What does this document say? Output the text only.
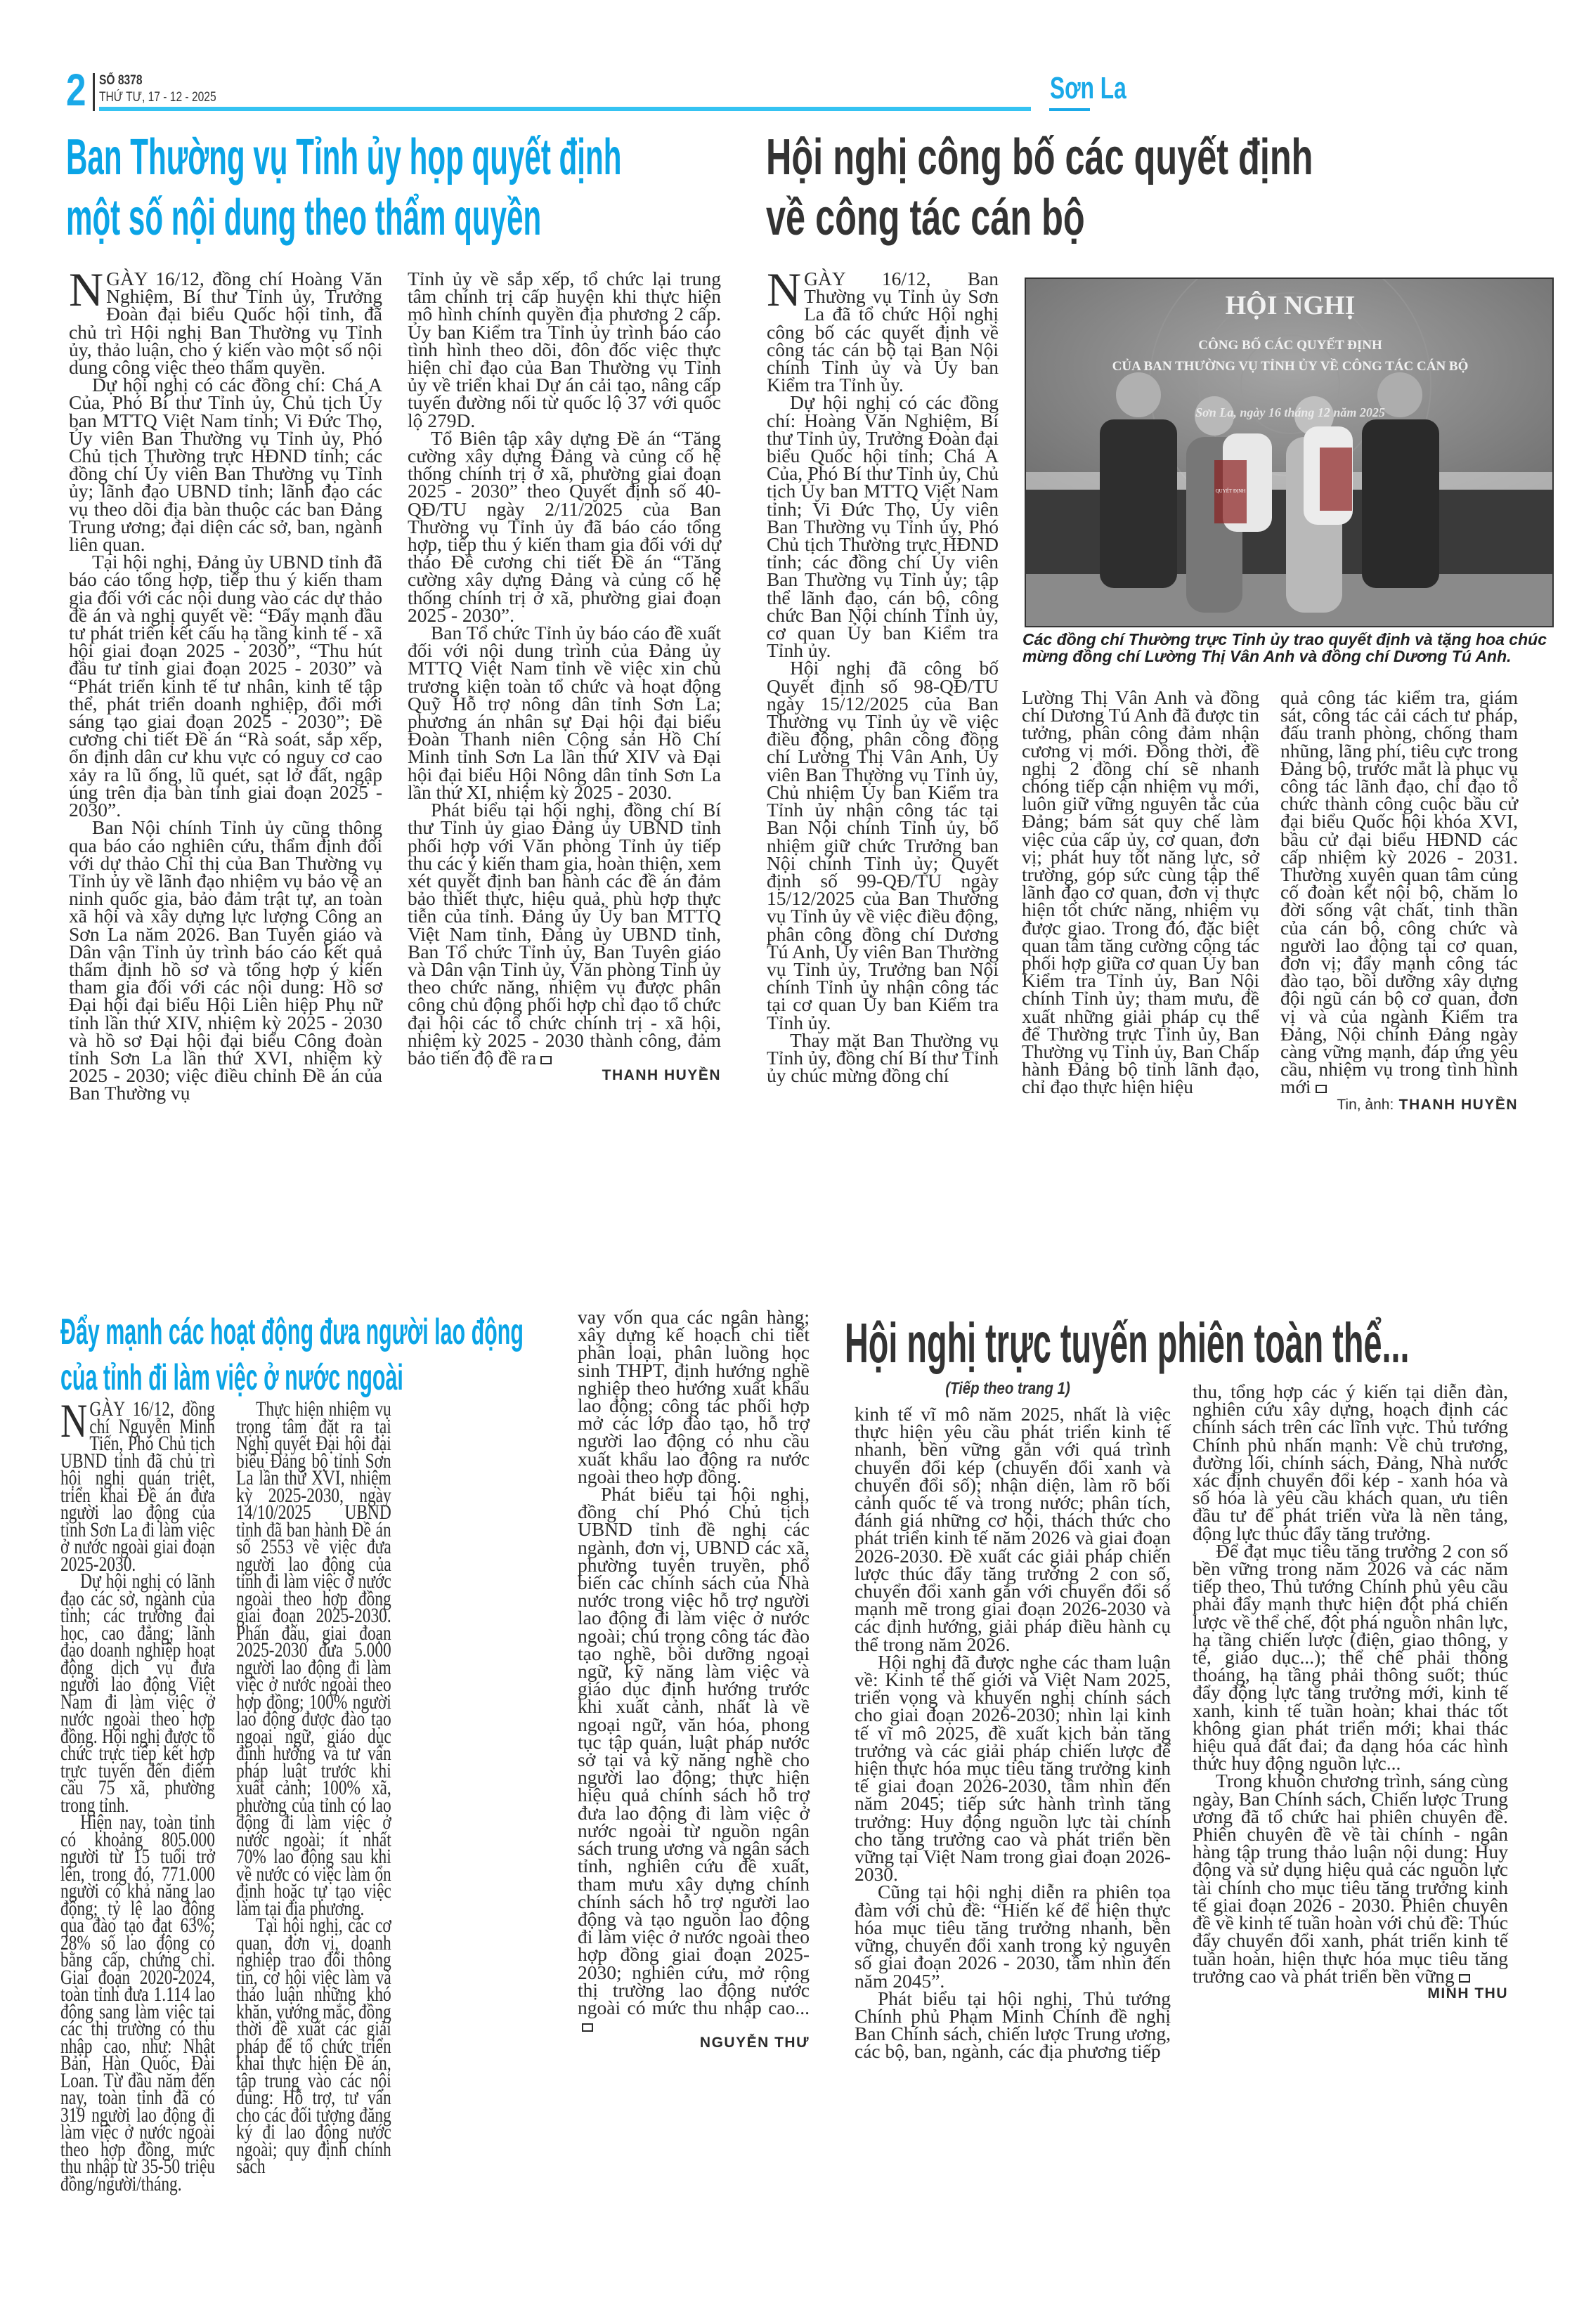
2 SỐ 8378
THỨ TƯ, 17 - 12 - 2025	Sơn La
Ban Thường vụ Tỉnh ủy họp quyết định
một số nội dung theo thẩm quyền

NGÀY 16/12, đồng chí Hoàng Văn Nghiệm, Bí thư Tỉnh ủy, Trưởng Đoàn đại biểu Quốc hội tỉnh, đã chủ trì Hội nghị Ban Thường vụ Tỉnh ủy, thảo luận, cho ý kiến vào một số nội dung công việc theo thẩm quyền.

Dự hội nghị có các đồng chí: Chá A Của, Phó Bí thư Tỉnh ủy, Chủ tịch Ủy ban MTTQ Việt Nam tỉnh; Vi Đức Thọ, Ủy viên Ban Thường vụ Tỉnh ủy, Phó Chủ tịch Thường trực HĐND tỉnh; các đồng chí Ủy viên Ban Thường vụ Tỉnh ủy; lãnh đạo UBND tỉnh; lãnh đạo các vụ theo dõi địa bàn thuộc các ban Đảng Trung ương; đại diện các sở, ban, ngành liên quan.

Tại hội nghị, Đảng ủy UBND tỉnh đã báo cáo tổng hợp, tiếp thu ý kiến tham gia đối với các nội dung vào các dự thảo đề án và nghị quyết về: “Đẩy mạnh đầu tư phát triển kết cấu hạ tầng kinh tế - xã hội giai đoạn 2025 - 2030”, “Thu hút đầu tư tỉnh giai đoạn 2025 - 2030” và “Phát triển kinh tế tư nhân, kinh tế tập thể, phát triển doanh nghiệp, đổi mới sáng tạo giai đoạn 2025 - 2030”; Đề cương chi tiết Đề án “Rà soát, sắp xếp, ổn định dân cư khu vực có nguy cơ cao xảy ra lũ ống, lũ quét, sạt lở đất, ngập úng trên địa bàn tỉnh giai đoạn 2025 - 2030”.

Ban Nội chính Tỉnh ủy cũng thông qua báo cáo nghiên cứu, thẩm định đối với dự thảo Chỉ thị của Ban Thường vụ Tỉnh ủy về lãnh đạo nhiệm vụ bảo vệ an ninh quốc gia, bảo đảm trật tự, an toàn xã hội và xây dựng lực lượng Công an Sơn La năm 2026. Ban Tuyên giáo và Dân vận Tỉnh ủy trình báo cáo kết quả thẩm định hồ sơ và tổng hợp ý kiến tham gia đối với các nội dung: Hồ sơ Đại hội đại biểu Hội Liên hiệp Phụ nữ tỉnh lần thứ XIV, nhiệm kỳ 2025 - 2030 và hồ sơ Đại hội đại biểu Công đoàn tỉnh Sơn La lần thứ XVI, nhiệm kỳ 2025 - 2030; việc điều chỉnh Đề án của Ban Thường vụ

Tỉnh ủy về sắp xếp, tổ chức lại trung tâm chính trị cấp huyện khi thực hiện mô hình chính quyền địa phương 2 cấp. Ủy ban Kiểm tra Tỉnh ủy trình báo cáo tình hình theo dõi, đôn đốc việc thực hiện chỉ đạo của Ban Thường vụ Tỉnh ủy về triển khai Dự án cải tạo, nâng cấp tuyến đường nối từ quốc lộ 37 với quốc lộ 279D.

Tổ Biên tập xây dựng Đề án “Tăng cường xây dựng Đảng và củng cố hệ thống chính trị ở xã, phường giai đoạn 2025 - 2030” theo Quyết định số 40-QĐ/TU ngày 2/11/2025 của Ban Thường vụ Tỉnh ủy đã báo cáo tổng hợp, tiếp thu ý kiến tham gia đối với dự thảo Đề cương chi tiết Đề án “Tăng cường xây dựng Đảng và củng cố hệ thống chính trị ở xã, phường giai đoạn 2025 - 2030”.

Ban Tổ chức Tỉnh ủy báo cáo đề xuất đối với nội dung trình của Đảng ủy MTTQ Việt Nam tỉnh về việc xin chủ trương kiện toàn tổ chức và hoạt động Quỹ Hỗ trợ nông dân tỉnh Sơn La; phương án nhân sự Đại hội đại biểu Đoàn Thanh niên Cộng sản Hồ Chí Minh tỉnh Sơn La lần thứ XIV và Đại hội đại biểu Hội Nông dân tỉnh Sơn La lần thứ XI, nhiệm kỳ 2025 - 2030.

Phát biểu tại hội nghị, đồng chí Bí thư Tỉnh ủy giao Đảng ủy UBND tỉnh phối hợp với Văn phòng Tỉnh ủy tiếp thu các ý kiến tham gia, hoàn thiện, xem xét quyết định ban hành các đề án đảm bảo thiết thực, hiệu quả, phù hợp thực tiễn của tỉnh. Đảng ủy Ủy ban MTTQ Việt Nam tỉnh, Đảng ủy UBND tỉnh, Ban Tổ chức Tỉnh ủy, Ban Tuyên giáo và Dân vận Tỉnh ủy, Văn phòng Tỉnh ủy theo chức năng, nhiệm vụ được phân công chủ động phối hợp chỉ đạo tổ chức đại hội các tổ chức chính trị - xã hội, nhiệm kỳ 2025 - 2030 thành công, đảm bảo tiến độ đề ra

THANH HUYỀN

Hội nghị công bố các quyết định
về công tác cán bộ

NGÀY 16/12, Ban Thường vụ Tỉnh ủy Sơn La đã tổ chức Hội nghị công bố các quyết định về công tác cán bộ tại Ban Nội chính Tỉnh ủy và Ủy ban Kiểm tra Tỉnh ủy.

Dự hội nghị có các đồng chí: Hoàng Văn Nghiệm, Bí thư Tỉnh ủy, Trưởng Đoàn đại biểu Quốc hội tỉnh; Chá A Của, Phó Bí thư Tỉnh ủy, Chủ tịch Ủy ban MTTQ Việt Nam tỉnh; Vi Đức Thọ, Ủy viên Ban Thường vụ Tỉnh ủy, Phó Chủ tịch Thường trực HĐND tỉnh; các đồng chí Ủy viên Ban Thường vụ Tỉnh ủy; tập thể lãnh đạo, cán bộ, công chức Ban Nội chính Tỉnh ủy, cơ quan Ủy ban Kiểm tra Tỉnh ủy.

Hội nghị đã công bố Quyết định số 98-QĐ/TU ngày 15/12/2025 của Ban Thường vụ Tỉnh ủy về việc điều động, phân công đồng chí Lường Thị Vân Anh, Ủy viên Ban Thường vụ Tỉnh ủy, Chủ nhiệm Ủy ban Kiểm tra Tỉnh ủy nhận công tác tại Ban Nội chính Tỉnh ủy, bổ nhiệm giữ chức Trưởng ban Nội chính Tỉnh ủy; Quyết định số 99-QĐ/TU ngày 15/12/2025 của Ban Thường vụ Tỉnh ủy về việc điều động, phân công đồng chí Dương Tú Anh, Ủy viên Ban Thường vụ Tỉnh ủy, Trưởng ban Nội chính Tỉnh ủy nhận công tác tại cơ quan Ủy ban Kiểm tra Tỉnh ủy.

Thay mặt Ban Thường vụ Tỉnh ủy, đồng chí Bí thư Tỉnh ủy chúc mừng đồng chí

HỘI NGHỊ
CÔNG BỐ CÁC QUYẾT ĐỊNH
CỦA BAN THƯỜNG VỤ TỈNH ỦY VỀ CÔNG TÁC CÁN BỘ
Sơn La, ngày 16 tháng 12 năm 2025
QUYẾT ĐỊNH
Các đồng chí Thường trực Tỉnh ủy trao quyết định và tặng hoa chúc mừng đồng chí Lường Thị Vân Anh và đồng chí Dương Tú Anh.

Lường Thị Vân Anh và đồng chí Dương Tú Anh đã được tin tưởng, phân công đảm nhận cương vị mới. Đồng thời, đề nghị 2 đồng chí sẽ nhanh chóng tiếp cận nhiệm vụ mới, luôn giữ vững nguyên tắc của Đảng; bám sát quy chế làm việc của cấp ủy, cơ quan, đơn vị; phát huy tốt năng lực, sở trường, góp sức cùng tập thể lãnh đạo cơ quan, đơn vị thực hiện tốt chức năng, nhiệm vụ được giao. Trong đó, đặc biệt quan tâm tăng cường công tác phối hợp giữa cơ quan Ủy ban Kiểm tra Tỉnh ủy, Ban Nội chính Tỉnh ủy; tham mưu, đề xuất những giải pháp cụ thể để Thường trực Tỉnh ủy, Ban Thường vụ Tỉnh ủy, Ban Chấp hành Đảng bộ tỉnh lãnh đạo, chỉ đạo thực hiện hiệu

quả công tác kiểm tra, giám sát, công tác cải cách tư pháp, đấu tranh phòng, chống tham nhũng, lãng phí, tiêu cực trong Đảng bộ, trước mắt là phục vụ công tác lãnh đạo, chỉ đạo tổ chức thành công cuộc bầu cử đại biểu Quốc hội khóa XVI, bầu cử đại biểu HĐND các cấp nhiệm kỳ 2026 - 2031. Thường xuyên quan tâm củng cố đoàn kết nội bộ, chăm lo đời sống vật chất, tinh thần của cán bộ, công chức và người lao động tại cơ quan, đơn vị; đẩy mạnh công tác đào tạo, bồi dưỡng xây dựng đội ngũ cán bộ cơ quan, đơn vị và của ngành Kiểm tra Đảng, Nội chính Đảng ngày càng vững mạnh, đáp ứng yêu cầu, nhiệm vụ trong tình hình mới

Tin, ảnh: THANH HUYỀN

Đẩy mạnh các hoạt động đưa người lao động
của tỉnh đi làm việc ở nước ngoài

NGÀY 16/12, đồng chí Nguyễn Minh Tiến, Phó Chủ tịch UBND tỉnh đã chủ trì hội nghị quán triệt, triển khai Đề án đưa người lao động của tỉnh Sơn La đi làm việc ở nước ngoài giai đoạn 2025-2030.

Dự hội nghị có lãnh đạo các sở, ngành của tỉnh; các trường đại học, cao đẳng; lãnh đạo doanh nghiệp hoạt động dịch vụ đưa người lao động Việt Nam đi làm việc ở nước ngoài theo hợp đồng. Hội nghị được tổ chức trực tiếp kết hợp trực tuyến đến điểm cầu 75 xã, phường trong tỉnh.

Hiện nay, toàn tỉnh có khoảng 805.000 người từ 15 tuổi trở lên, trong đó, 771.000 người có khả năng lao động; tỷ lệ lao động qua đào tạo đạt 63%; 28% số lao động có bằng cấp, chứng chỉ. Giai đoạn 2020-2024, toàn tỉnh đưa 1.114 lao động sang làm việc tại các thị trường có thu nhập cao, như: Nhật Bản, Hàn Quốc, Đài Loan. Từ đầu năm đến nay, toàn tỉnh đã có 319 người lao động đi làm việc ở nước ngoài theo hợp đồng, mức thu nhập từ 35-50 triệu đồng/người/tháng.

Thực hiện nhiệm vụ trọng tâm đặt ra tại Nghị quyết Đại hội đại biểu Đảng bộ tỉnh Sơn La lần thứ XVI, nhiệm kỳ 2025-2030, ngày 14/10/2025 UBND tỉnh đã ban hành Đề án số 2553 về việc đưa người lao động của tỉnh đi làm việc ở nước ngoài theo hợp đồng giai đoạn 2025-2030. Phấn đấu, giai đoạn 2025-2030 đưa 5.000 người lao động đi làm việc ở nước ngoài theo hợp đồng; 100% người lao động được đào tạo ngoại ngữ, giáo dục định hướng và tư vấn pháp luật trước khi xuất cảnh; 100% xã, phường của tỉnh có lao động đi làm việc ở nước ngoài; ít nhất 70% lao động sau khi về nước có việc làm ổn định hoặc tự tạo việc làm tại địa phương.

Tại hội nghị, các cơ quan, đơn vị, doanh nghiệp trao đổi thông tin, cơ hội việc làm và thảo luận những khó khăn, vướng mắc, đồng thời đề xuất các giải pháp để tổ chức triển khai thực hiện Đề án, tập trung vào các nội dung: Hỗ trợ, tư vấn cho các đối tượng đăng ký đi lao động nước ngoài; quy định chính sách

vay vốn qua các ngân hàng; xây dựng kế hoạch chi tiết phân loại, phân luồng học sinh THPT, định hướng nghề nghiệp theo hướng xuất khẩu lao động; công tác phối hợp mở các lớp đào tạo, hỗ trợ người lao động có nhu cầu xuất khẩu lao động ra nước ngoài theo hợp đồng.

Phát biểu tại hội nghị, đồng chí Phó Chủ tịch UBND tỉnh đề nghị các ngành, đơn vị, UBND các xã, phường tuyên truyền, phổ biến các chính sách của Nhà nước trong việc hỗ trợ người lao động đi làm việc ở nước ngoài; chú trọng công tác đào tạo nghề, bồi dưỡng ngoại ngữ, kỹ năng làm việc và giáo dục định hướng trước khi xuất cảnh, nhất là về ngoại ngữ, văn hóa, phong tục tập quán, luật pháp nước sở tại và kỹ năng nghề cho người lao động; thực hiện hiệu quả chính sách hỗ trợ đưa lao động đi làm việc ở nước ngoài từ nguồn ngân sách trung ương và ngân sách tỉnh, nghiên cứu đề xuất, tham mưu xây dựng chính chính sách hỗ trợ người lao động và tạo nguồn lao động đi làm việc ở nước ngoài theo hợp đồng giai đoạn 2025-2030; nghiên cứu, mở rộng thị trường lao động nước ngoài có mức thu nhập cao...

NGUYỄN THƯ

Hội nghị trực tuyến phiên toàn thể...
(Tiếp theo trang 1)

kinh tế vĩ mô năm 2025, nhất là việc thực hiện yêu cầu phát triển kinh tế nhanh, bền vững gắn với quá trình chuyển đổi kép (chuyển đổi xanh và chuyển đổi số); nhận diện, làm rõ bối cảnh quốc tế và trong nước; phân tích, đánh giá những cơ hội, thách thức cho phát triển kinh tế năm 2026 và giai đoạn 2026-2030. Đề xuất các giải pháp chiến lược thúc đẩy tăng trưởng 2 con số, chuyển đổi xanh gắn với chuyển đổi số mạnh mẽ trong giai đoạn 2026-2030 và các định hướng, giải pháp điều hành cụ thể trong năm 2026.

Hội nghị đã được nghe các tham luận về: Kinh tế thế giới và Việt Nam 2025, triển vọng và khuyến nghị chính sách cho giai đoạn 2026-2030; nhìn lại kinh tế vĩ mô 2025, đề xuất kịch bản tăng trưởng và các giải pháp chiến lược để hiện thực hóa mục tiêu tăng trưởng kinh tế giai đoạn 2026-2030, tầm nhìn đến năm 2045; tiếp sức hành trình tăng trưởng: Huy động nguồn lực tài chính cho tăng trưởng cao và phát triển bền vững tại Việt Nam trong giai đoạn 2026-2030.

Cũng tại hội nghị diễn ra phiên tọa đàm với chủ đề: “Hiến kế để hiện thực hóa mục tiêu tăng trưởng nhanh, bền vững, chuyển đổi xanh trong kỷ nguyên số giai đoạn 2026 - 2030, tầm nhìn đến năm 2045”.

Phát biểu tại hội nghị, Thủ tướng Chính phủ Phạm Minh Chính đề nghị Ban Chính sách, chiến lược Trung ương, các bộ, ban, ngành, các địa phương tiếp

thu, tổng hợp các ý kiến tại diễn đàn, nghiên cứu xây dựng, hoạch định các chính sách trên các lĩnh vực. Thủ tướng Chính phủ nhấn mạnh: Về chủ trương, đường lối, chính sách, Đảng, Nhà nước xác định chuyển đổi kép - xanh hóa và số hóa là yêu cầu khách quan, ưu tiên đầu tư để phát triển vừa là nền tảng, động lực thúc đẩy tăng trưởng.

Để đạt mục tiêu tăng trưởng 2 con số bền vững trong năm 2026 và các năm tiếp theo, Thủ tướng Chính phủ yêu cầu phải đẩy mạnh thực hiện đột phá chiến lược về thể chế, đột phá nguồn nhân lực, hạ tầng chiến lược (điện, giao thông, y tế, giáo dục...); thể chế phải thông thoáng, hạ tầng phải thông suốt; thúc đẩy động lực tăng trưởng mới, kinh tế xanh, kinh tế tuần hoàn; khai thác tốt không gian phát triển mới; khai thác hiệu quả đất đai; đa dạng hóa các hình thức huy động nguồn lực...

Trong khuôn chương trình, sáng cùng ngày, Ban Chính sách, Chiến lược Trung ương đã tổ chức hai phiên chuyên đề. Phiên chuyên đề về tài chính - ngân hàng tập trung thảo luận nội dung: Huy động và sử dụng hiệu quả các nguồn lực tài chính cho mục tiêu tăng trưởng kinh tế giai đoạn 2026 - 2030. Phiên chuyên đề về kinh tế tuần hoàn với chủ đề: Thúc đẩy chuyển đổi xanh, phát triển kinh tế tuần hoàn, hiện thực hóa mục tiêu tăng trưởng cao và phát triển bền vững

MINH THU
